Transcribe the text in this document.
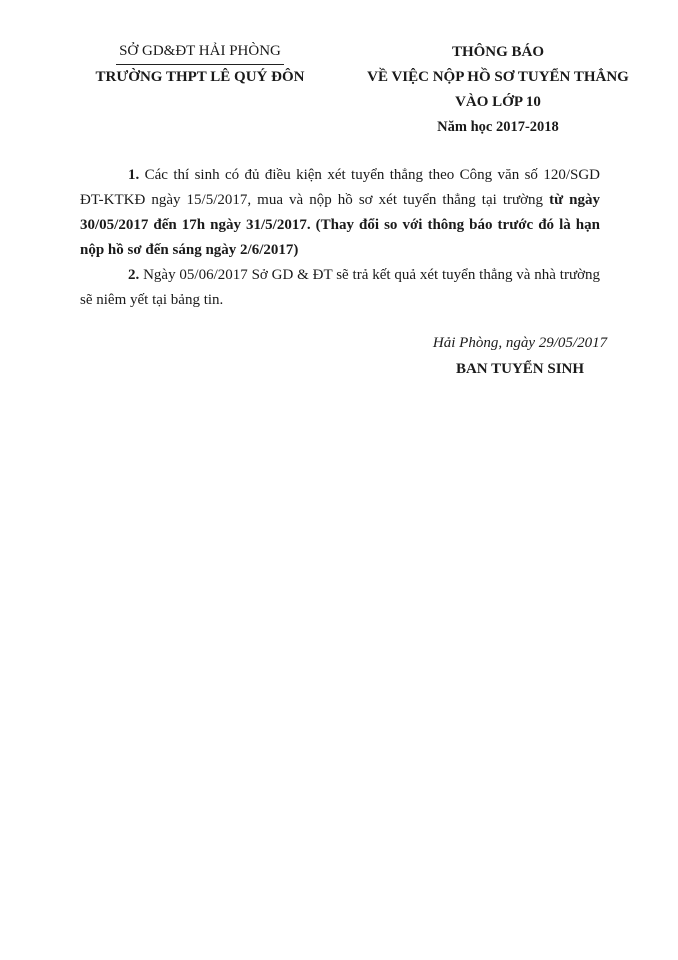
SỞ GD&ĐT HẢI PHÒNG
TRƯỜNG THPT LÊ QUÝ ĐÔN
THÔNG BÁO
VỀ VIỆC NỘP HỒ SƠ TUYỂN THẲNG
VÀO LỚP 10
Năm học 2017-2018

1. Các thí sinh có đủ điều kiện xét tuyển thẳng theo Công văn số 120/SGD ĐT-KTKĐ ngày 15/5/2017, mua và nộp hồ sơ xét tuyển thẳng tại trường từ ngày 30/05/2017 đến 17h ngày 31/5/2017. (Thay đổi so với thông báo trước đó là hạn nộp hồ sơ đến sáng ngày 2/6/2017)

2. Ngày 05/06/2017 Sở GD & ĐT sẽ trả kết quả xét tuyển thẳng và nhà trường sẽ niêm yết tại bảng tin.

Hải Phòng, ngày 29/05/2017
BAN TUYỂN SINH
